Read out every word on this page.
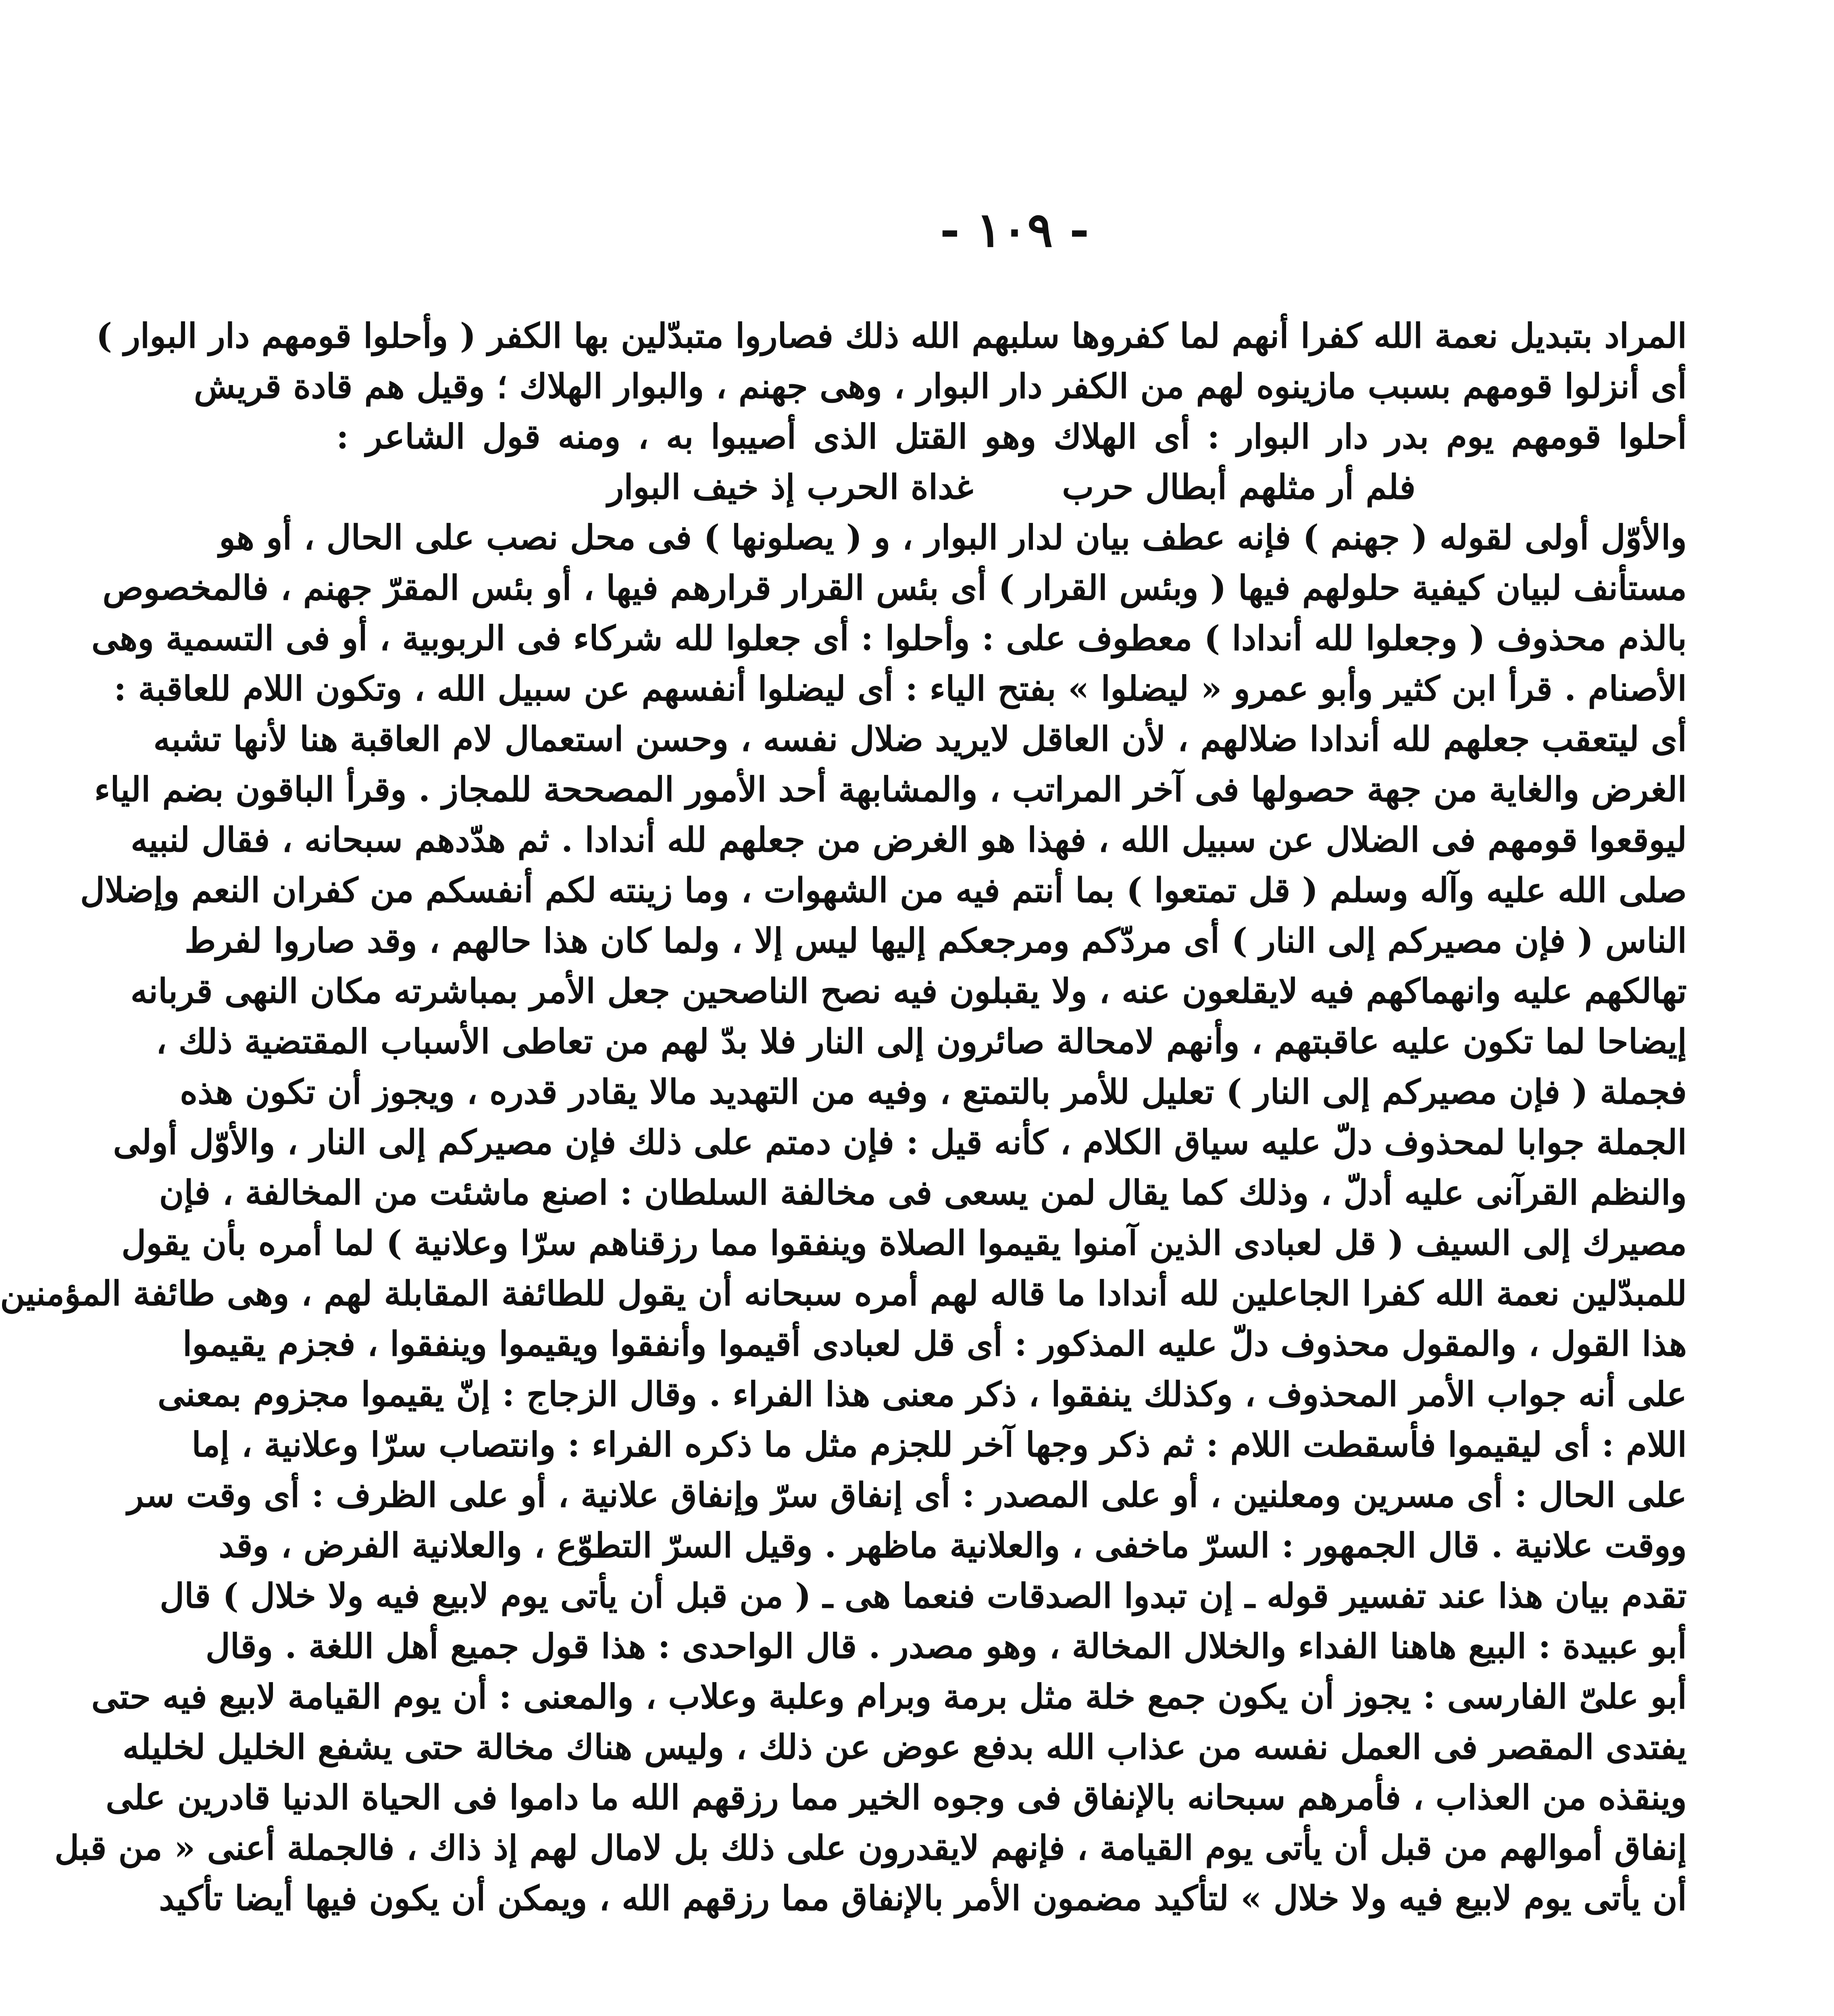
- ١٠٩ -
المراد بتبديل نعمة الله كفرا أنهم لما كفروها سلبهم الله ذلك فصاروا متبدّلين بها الكفر ( وأحلوا قومهم دار البوار )
أى أنزلوا قومهم بسبب مازينوه لهم من الكفر دار البوار ، وهى جهنم ، والبوار الهلاك ؛ وقيل هم قادة قريش
أحلوا قومهم يوم بدر دار البوار : أى الهلاك وهو القتل الذى أصيبوا به ، ومنه قول الشاعر :
فلم أر مثلهم أبطال حرب
غداة الحرب إذ خيف البوار
والأوّل أولى لقوله ( جهنم ) فإنه عطف بيان لدار البوار ، و ( يصلونها ) فى محل نصب على الحال ، أو هو
مستأنف لبيان كيفية حلولهم فيها ( وبئس القرار ) أى بئس القرار قرارهم فيها ، أو بئس المقرّ جهنم ، فالمخصوص
بالذم محذوف ( وجعلوا لله أندادا ) معطوف على : وأحلوا : أى جعلوا لله شركاء فى الربوبية ، أو فى التسمية وهى
الأصنام . قرأ ابن كثير وأبو عمرو « ليضلوا » بفتح الياء : أى ليضلوا أنفسهم عن سبيل الله ، وتكون اللام للعاقبة :
أى ليتعقب جعلهم لله أندادا ضلالهم ، لأن العاقل لايريد ضلال نفسه ، وحسن استعمال لام العاقبة هنا لأنها تشبه
الغرض والغاية من جهة حصولها فى آخر المراتب ، والمشابهة أحد الأمور المصححة للمجاز . وقرأ الباقون بضم الياء
ليوقعوا قومهم فى الضلال عن سبيل الله ، فهذا هو الغرض من جعلهم لله أندادا . ثم هدّدهم سبحانه ، فقال لنبيه
صلى الله عليه وآله وسلم ( قل تمتعوا ) بما أنتم فيه من الشهوات ، وما زينته لكم أنفسكم من كفران النعم وإضلال
الناس ( فإن مصيركم إلى النار ) أى مردّكم ومرجعكم إليها ليس إلا ، ولما كان هذا حالهم ، وقد صاروا لفرط
تهالكهم عليه وانهماكهم فيه لايقلعون عنه ، ولا يقبلون فيه نصح الناصحين جعل الأمر بمباشرته مكان النهى قربانه
إيضاحا لما تكون عليه عاقبتهم ، وأنهم لامحالة صائرون إلى النار فلا بدّ لهم من تعاطى الأسباب المقتضية ذلك ،
فجملة ( فإن مصيركم إلى النار ) تعليل للأمر بالتمتع ، وفيه من التهديد مالا يقادر قدره ، ويجوز أن تكون هذه
الجملة جوابا لمحذوف دلّ عليه سياق الكلام ، كأنه قيل : فإن دمتم على ذلك فإن مصيركم إلى النار ، والأوّل أولى
والنظم القرآنى عليه أدلّ ، وذلك كما يقال لمن يسعى فى مخالفة السلطان : اصنع ماشئت من المخالفة ، فإن
مصيرك إلى السيف ( قل لعبادى الذين آمنوا يقيموا الصلاة وينفقوا مما رزقناهم سرّا وعلانية ) لما أمره بأن يقول
للمبدّلين نعمة الله كفرا الجاعلين لله أندادا ما قاله لهم أمره سبحانه أن يقول للطائفة المقابلة لهم ، وهى طائفة المؤمنين
هذا القول ، والمقول محذوف دلّ عليه المذكور : أى قل لعبادى أقيموا وأنفقوا ويقيموا وينفقوا ، فجزم يقيموا
على أنه جواب الأمر المحذوف ، وكذلك ينفقوا ، ذكر معنى هذا الفراء . وقال الزجاج : إنّ يقيموا مجزوم بمعنى
اللام : أى ليقيموا فأسقطت اللام : ثم ذكر وجها آخر للجزم مثل ما ذكره الفراء : وانتصاب سرّا وعلانية ، إما
على الحال : أى مسرين ومعلنين ، أو على المصدر : أى إنفاق سرّ وإنفاق علانية ، أو على الظرف : أى وقت سر
ووقت علانية . قال الجمهور : السرّ ماخفى ، والعلانية ماظهر . وقيل السرّ التطوّع ، والعلانية الفرض ، وقد
تقدم بيان هذا عند تفسير قوله ـ إن تبدوا الصدقات فنعما هى ـ ( من قبل أن يأتى يوم لابيع فيه ولا خلال ) قال
أبو عبيدة : البيع هاهنا الفداء والخلال المخالة ، وهو مصدر . قال الواحدى : هذا قول جميع أهل اللغة . وقال
أبو علىّ الفارسى : يجوز أن يكون جمع خلة مثل برمة وبرام وعلبة وعلاب ، والمعنى : أن يوم القيامة لابيع فيه حتى
يفتدى المقصر فى العمل نفسه من عذاب الله بدفع عوض عن ذلك ، وليس هناك مخالة حتى يشفع الخليل لخليله
وينقذه من العذاب ، فأمرهم سبحانه بالإنفاق فى وجوه الخير مما رزقهم الله ما داموا فى الحياة الدنيا قادرين على
إنفاق أموالهم من قبل أن يأتى يوم القيامة ، فإنهم لايقدرون على ذلك بل لامال لهم إذ ذاك ، فالجملة أعنى « من قبل
أن يأتى يوم لابيع فيه ولا خلال » لتأكيد مضمون الأمر بالإنفاق مما رزقهم الله ، ويمكن أن يكون فيها أيضا تأكيد
